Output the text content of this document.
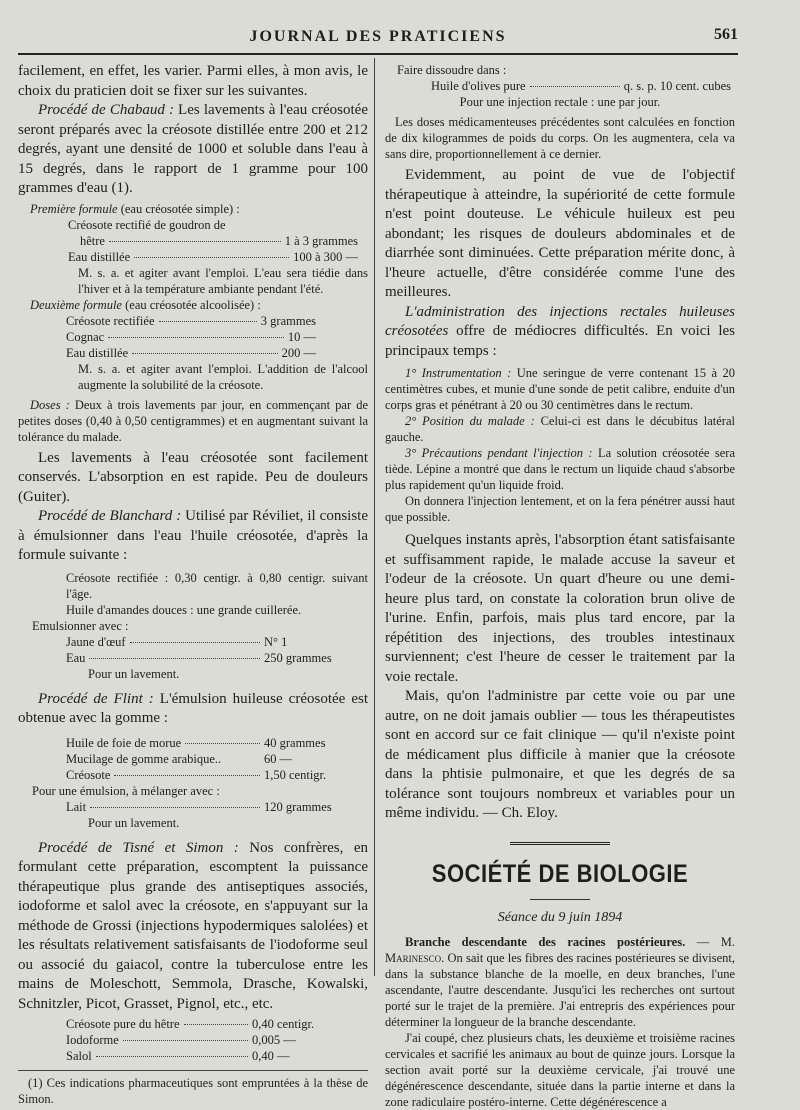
JOURNAL DES PRATICIENS	561

facilement, en effet, les varier. Parmi elles, à mon avis, le choix du praticien doit se fixer sur les suivantes.

Procédé de Chabaud : Les lavements à l'eau créosotée seront préparés avec la créosote distillée entre 200 et 212 degrés, ayant une densité de 1000 et soluble dans l'eau à 15 degrés, dans le rapport de 1 gramme pour 100 grammes d'eau (1).

Première formule (eau créosotée simple) :

Créosote rectifié de goudron de
hêtre	1 à 3 grammes
Eau distillée	100 à 300 —

M. s. a. et agiter avant l'emploi. L'eau sera tiédie dans l'hiver et à la température ambiante pendant l'été.

Deuxième formule (eau créosotée alcoolisée) :

Créosote rectifiée	3 grammes
Cognac	10 —
Eau distillée	200 —

M. s. a. et agiter avant l'emploi. L'addition de l'alcool augmente la solubilité de la créosote.

Doses : Deux à trois lavements par jour, en commençant par de petites doses (0,40 à 0,50 centigrammes) et en augmentant suivant la tolérance du malade.

Les lavements à l'eau créosotée sont facilement conservés. L'absorption en est rapide. Peu de douleurs (Guiter).

Procédé de Blanchard : Utilisé par Réviliet, il consiste à émulsionner dans l'eau l'huile créosotée, d'après la formule suivante :

Créosote rectifiée : 0,30 centigr. à 0,80 centigr. suivant l'âge.
Huile d'amandes douces : une grande cuillerée.
Emulsionner avec :
Jaune d'œuf	N° 1
Eau	250 grammes
Pour un lavement.

Procédé de Flint : L'émulsion huileuse créosotée est obtenue avec la gomme :

Huile de foie de morue	40 grammes
Mucilage de gomme arabique..	60 —
Créosote	1,50 centigr.
Pour une émulsion, à mélanger avec :
Lait	120 grammes
Pour un lavement.

Procédé de Tisné et Simon : Nos confrères, en formulant cette préparation, escomptent la puissance thérapeutique plus grande des antiseptiques associés, iodoforme et salol avec la créosote, en s'appuyant sur la méthode de Grossi (injections hypodermiques salolées) et les résultats relativement satisfaisants de l'iodoforme seul ou associé du gaiacol, contre la tuberculose entre les mains de Moleschott, Semmola, Drasche, Kowalski, Schnitzler, Picot, Grasset, Pignol, etc., etc.

Créosote pure du hêtre	0,40 centigr.
Iodoforme	0,005 —
Salol	0,40 —

(1) Ces indications pharmaceutiques sont empruntées à la thèse de Simon.

Faire dissoudre dans :
Huile d'olives pure	q. s. p. 10 cent. cubes
Pour une injection rectale : une par jour.

Les doses médicamenteuses précédentes sont calculées en fonction de dix kilogrammes de poids du corps. On les augmentera, cela va sans dire, proportionnellement à ce dernier.

Evidemment, au point de vue de l'objectif thérapeutique à atteindre, la supériorité de cette formule n'est point douteuse. Le véhicule huileux est peu abondant; les risques de douleurs abdominales et de diarrhée sont diminuées. Cette préparation mérite donc, à l'heure actuelle, d'être considérée comme l'une des meilleures.

L'administration des injections rectales huileuses créosotées offre de médiocres difficultés. En voici les principaux temps :

1° Instrumentation : Une seringue de verre contenant 15 à 20 centimètres cubes, et munie d'une sonde de petit calibre, enduite d'un corps gras et pénétrant à 20 ou 30 centimètres dans le rectum.

2° Position du malade : Celui-ci est dans le décubitus latéral gauche.

3° Précautions pendant l'injection : La solution créosotée sera tiède. Lépine a montré que dans le rectum un liquide chaud s'absorbe plus rapidement qu'un liquide froid.

On donnera l'injection lentement, et on la fera pénétrer aussi haut que possible.

Quelques instants après, l'absorption étant satisfaisante et suffisamment rapide, le malade accuse la saveur et l'odeur de la créosote. Un quart d'heure ou une demi-heure plus tard, on constate la coloration brun olive de l'urine. Enfin, parfois, mais plus tard encore, par la répétition des injections, des troubles intestinaux surviennent; c'est l'heure de cesser le traitement par la voie rectale.

Mais, qu'on l'administre par cette voie ou par une autre, on ne doit jamais oublier — tous les thérapeutistes sont en accord sur ce fait clinique — qu'il n'existe point de médicament plus difficile à manier que la créosote dans la phtisie pulmonaire, et que les degrés de sa tolérance sont toujours nombreux et variables pour un même individu. — Ch. Eloy.

SOCIÉTÉ DE BIOLOGIE
Séance du 9 juin 1894

Branche descendante des racines postérieures. — M. Marinesco. On sait que les fibres des racines postérieures se divisent, dans la substance blanche de la moelle, en deux branches, l'une ascendante, l'autre descendante. Jusqu'ici les recherches ont surtout porté sur le trajet de la première. J'ai entrepris des expériences pour déterminer la longueur de la branche descendante.

J'ai coupé, chez plusieurs chats, les deuxième et troisième racines cervicales et sacrifié les animaux au bout de quinze jours. Lorsque la section avait porté sur la deuxième cervicale, j'ai trouvé une dégénérescence descendante, située dans la partie interne et dans la zone radiculaire postéro-interne. Cette dégénérescence a
